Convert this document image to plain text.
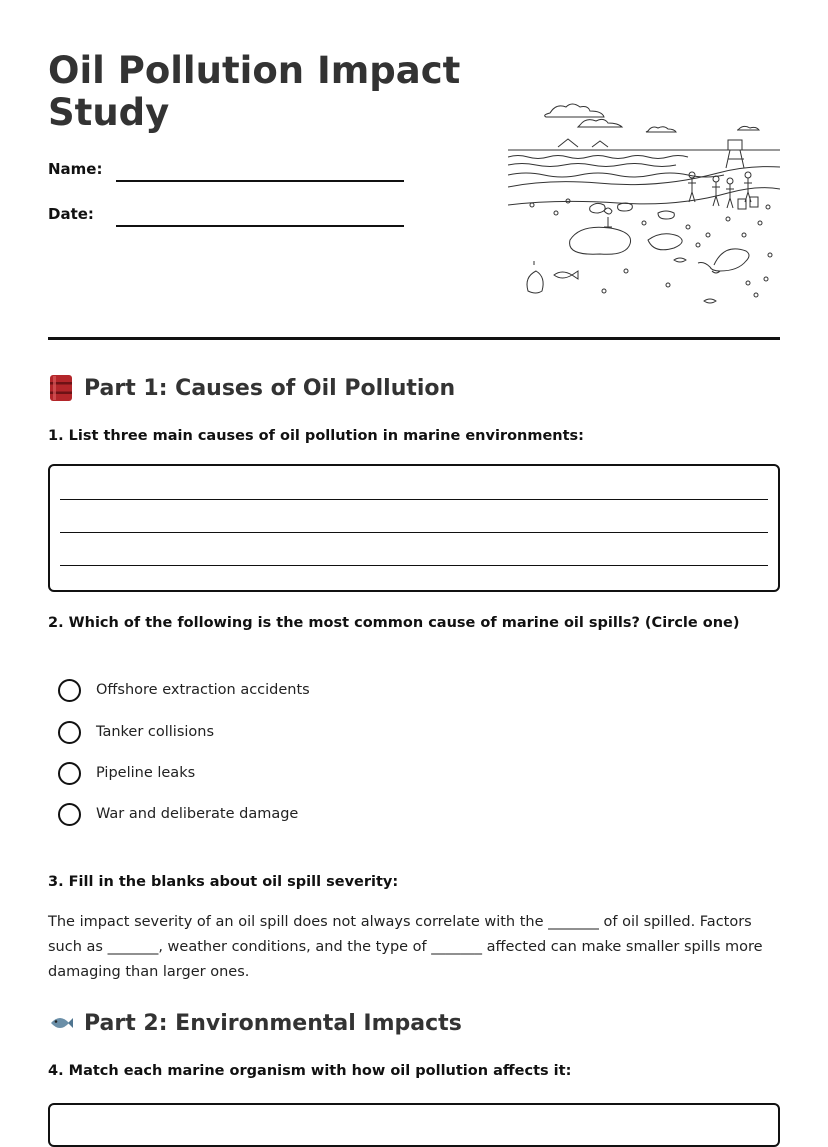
Oil Pollution Impact
Study
Name:
Date:
Part 1: Causes of Oil Pollution
1. List three main causes of oil pollution in marine environments:
2. Which of the following is the most common cause of marine oil spills? (Circle one)
Offshore extraction accidents
Tanker collisions
Pipeline leaks
War and deliberate damage
3. Fill in the blanks about oil spill severity:
The impact severity of an oil spill does not always correlate with the _______ of oil spilled. Factors such as _______, weather conditions, and the type of _______ affected can make smaller spills more damaging than larger ones.
Part 2: Environmental Impacts
4. Match each marine organism with how oil pollution affects it:
